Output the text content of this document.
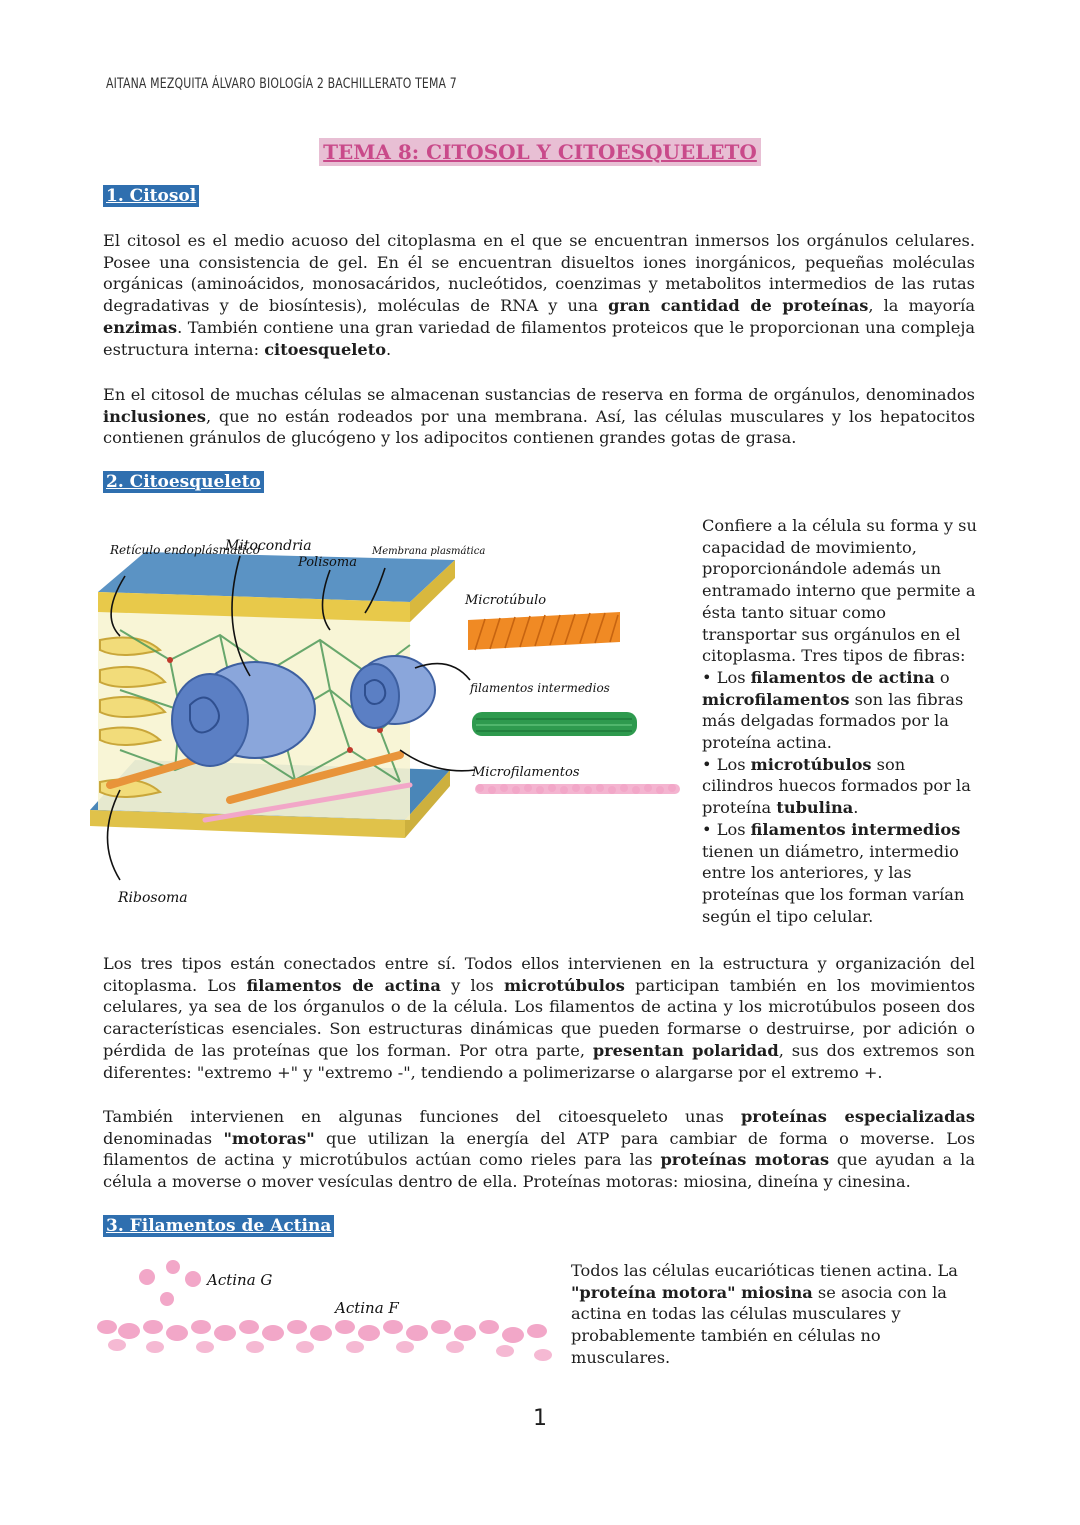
AITANA MEZQUITA ÁLVARO BIOLOGÍA 2 BACHILLERATO TEMA 7
TEMA 8: CITOSOL Y CITOESQUELETO
1. Citosol
El citosol es el medio acuoso del citoplasma en el que se encuentran inmersos los orgánulos celulares. Posee una consistencia de gel. En él se encuentran disueltos iones inorgánicos, pequeñas moléculas orgánicas (aminoácidos, monosacáridos, nucleótidos, coenzimas y metabolitos intermedios de las rutas degradativas y de biosíntesis), moléculas de RNA y una gran cantidad de proteínas, la mayoría enzimas. También contiene una gran variedad de filamentos proteicos que le proporcionan una compleja estructura interna: citoesqueleto.
En el citosol de muchas células se almacenan sustancias de reserva en forma de orgánulos, denominados inclusiones, que no están rodeados por una membrana. Así, las células musculares y los hepatocitos contienen gránulos de glucógeno y los adipocitos contienen grandes gotas de grasa.
2. Citoesqueleto
Retículo endoplásmatico
Mitocondria
Polisoma
Membrana plasmática
Microtúbulo
filamentos intermedios
Microfilamentos
Ribosoma
Confiere a la célula su forma y su capacidad de movimiento, proporcionándole además un entramado interno que permite a ésta tanto situar como transportar sus orgánulos en el citoplasma. Tres tipos de fibras:
• Los filamentos de actina o microfilamentos son las fibras más delgadas formados por la proteína actina.
• Los microtúbulos son cilindros huecos formados por la proteína tubulina.
• Los filamentos intermedios tienen un diámetro, intermedio entre los anteriores, y las proteínas que los forman varían según el tipo celular.
Los tres tipos están conectados entre sí. Todos ellos intervienen en la estructura y organización del citoplasma. Los filamentos de actina y los microtúbulos participan también en los movimientos celulares, ya sea de los órganulos o de la célula. Los filamentos de actina y los microtúbulos poseen dos características esenciales. Son estructuras dinámicas que pueden formarse o destruirse, por adición o pérdida de las proteínas que los forman. Por otra parte, presentan polaridad, sus dos extremos son diferentes: "extremo +" y "extremo -", tendiendo a polimerizarse o alargarse por el extremo +.
También intervienen en algunas funciones del citoesqueleto unas proteínas especializadas denominadas "motoras" que utilizan la energía del ATP para cambiar de forma o moverse. Los filamentos de actina y microtúbulos actúan como rieles para las proteínas motoras que ayudan a la célula a moverse o mover vesículas dentro de ella. Proteínas motoras: miosina, dineína y cinesina.
3. Filamentos de Actina
Actina G
Actina F
Todos las células eucarióticas tienen actina. La "proteína motora" miosina se asocia con la actina en todas las células musculares y probablemente también en células no musculares.
1
